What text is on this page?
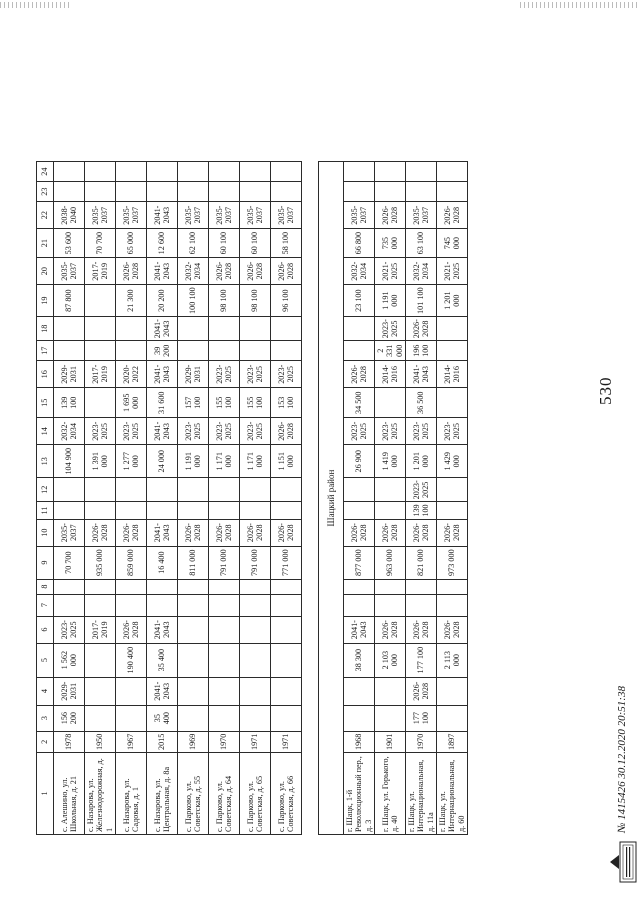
530
1	2	3	4	5	6	7	8	9	10	11	12	13	14	15	16	17	18	19	20	21	22	23	24
с. Алешино, ул. Школьная, д. 21	1978	156 200	2029-2031	1 562 000	2023-2025			70 700	2035-2037			104 900	2032-2034	139 100	2029-2031			87 800	2035-2037	53 600	2038-2040		
с. Назарова, ул. Железнодорожная, д. 1	1950				2017-2019			935 000	2026-2028			1 391 000	2023-2025		2017-2019				2017-2019	70 700	2035-2037		
с. Назарова, ул. Садовая, д. 1	1967			190 400	2026-2028			859 000	2026-2028			1 277 000	2023-2025	1 695 000	2020-2022			21 300	2026-2028	65 000	2035-2037		
с. Назарова, ул. Центральная, д. 8а	2015	35 400	2041-2043	35 400	2041-2043			16 400	2041-2043			24 000	2041-2043	31 600	2041-2043	39 200	2041-2043	20 200	2041-2043	12 600	2041-2043		
с. Парково, ул. Советская, д. 55	1969							811 000	2026-2028			1 191 000	2023-2025	157 100	2029-2031			100 100	2032-2034	62 100	2035-2037		
с. Парково, ул. Советская, д. 64	1970							791 000	2026-2028			1 171 000	2023-2025	155 100	2023-2025			98 100	2026-2028	60 100	2035-2037		
с. Парково, ул. Советская, д. 65	1971							791 000	2026-2028			1 171 000	2023-2025	155 100	2023-2025			98 100	2026-2028	60 100	2035-2037		
с. Парково, ул. Советская, д. 66	1971							771 000	2026-2028			1 151 000	2026-2028	153 100	2023-2025			96 100	2026-2028	58 100	2035-2037		

Шацкий район																							
г. Шацк, 1-й Революционный пер., д. 3	1968			38 300	2041-2043			877 000	2026-2028			26 900	2023-2025	34 500	2026-2028			23 100	2032-2034	66 800	2035-2037		
г. Шацк, ул. Горького, д. 40	1901			2 103 000	2026-2028			963 000	2026-2028			1 419 000	2023-2025		2014-2016	2 331 000	2023-2025	1 191 000	2021-2025	735 000	2026-2028		
г. Шацк, ул. Интернациональная, д. 11а	1970	177 100	2026-2028	177 100	2026-2028			821 000	2026-2028	139 100	2023-2025	1 201 000	2023-2025	36 500	2041-2043	196 100	2026-2028	101 100	2032-2034	63 100	2035-2037		
г. Шацк, ул. Интернациональная, д. 60	1897			2 113 000	2026-2028			973 000	2026-2028			1 429 000	2023-2025		2014-2016			1 201 000	2021-2025	745 000	2026-2028		
№ 1415426 30.12.2020 20:51:38
